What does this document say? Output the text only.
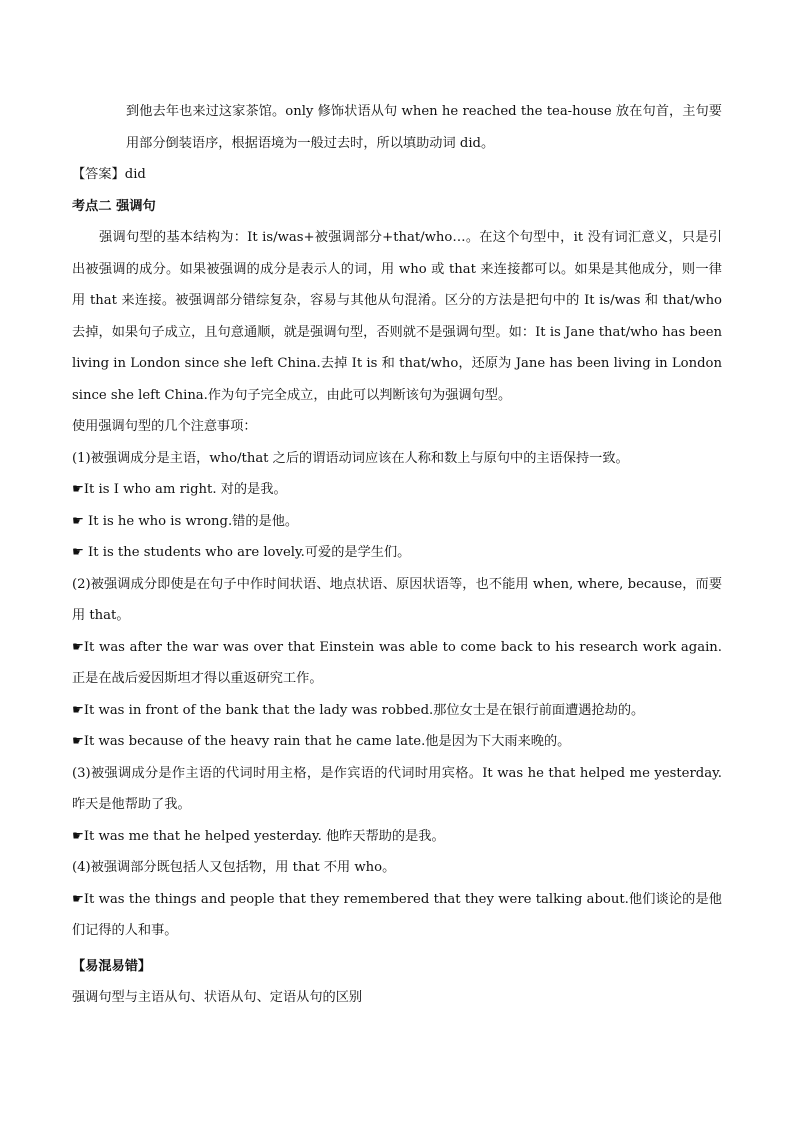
到他去年也来过这家茶馆。only 修饰状语从句 when he reached the tea-house 放在句首，主句要用部分倒装语序，根据语境为一般过去时，所以填助动词 did。

【答案】did

考点二 强调句

强调句型的基本结构为：It is/was+被强调部分+that/who…。在这个句型中，it 没有词汇意义，只是引出被强调的成分。如果被强调的成分是表示人的词，用 who 或 that 来连接都可以。如果是其他成分，则一律用 that 来连接。被强调部分错综复杂，容易与其他从句混淆。区分的方法是把句中的 It is/was 和 that/who 去掉，如果句子成立，且句意通顺，就是强调句型，否则就不是强调句型。如：It is Jane that/who has been living in London since she left China.去掉 It is 和 that/who，还原为 Jane has been living in London since she left China.作为句子完全成立，由此可以判断该句为强调句型。

使用强调句型的几个注意事项：

(1)被强调成分是主语，who/that 之后的谓语动词应该在人称和数上与原句中的主语保持一致。

☛It is I who am right. 对的是我。

☛ It is he who is wrong.错的是他。

☛ It is the students who are lovely.可爱的是学生们。

(2)被强调成分即使是在句子中作时间状语、地点状语、原因状语等，也不能用 when, where, because，而要用 that。

☛It was after the war was over that Einstein was able to come back to his research work again.正是在战后爱因斯坦才得以重返研究工作。

☛It was in front of the bank that the lady was robbed.那位女士是在银行前面遭遇抢劫的。

☛It was because of the heavy rain that he came late.他是因为下大雨来晚的。

(3)被强调成分是作主语的代词时用主格，是作宾语的代词时用宾格。It was he that helped me yesterday.昨天是他帮助了我。

☛It was me that he helped yesterday. 他昨天帮助的是我。

(4)被强调部分既包括人又包括物，用 that 不用 who。

☛It was the things and people that they remembered that they were talking about.他们谈论的是他们记得的人和事。

【易混易错】

强调句型与主语从句、状语从句、定语从句的区别
